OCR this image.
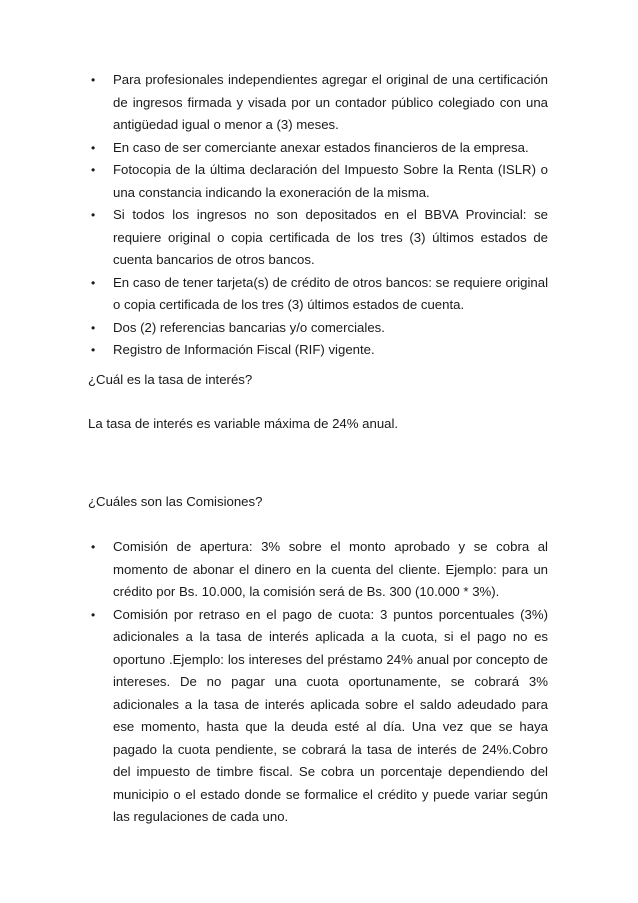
• Para profesionales independientes agregar el original de una certificación de ingresos firmada y visada por un contador público colegiado con una antigüedad igual o menor a (3) meses.
• En caso de ser comerciante anexar estados financieros de la empresa.
• Fotocopia de la última declaración del Impuesto Sobre la Renta (ISLR) o una constancia indicando la exoneración de la misma.
• Si todos los ingresos no son depositados en el BBVA Provincial: se requiere original o copia certificada de los tres (3) últimos estados de cuenta bancarios de otros bancos.
• En caso de tener tarjeta(s) de crédito de otros bancos: se requiere original o copia certificada de los tres (3) últimos estados de cuenta.
• Dos (2) referencias bancarias y/o comerciales.
• Registro de Información Fiscal (RIF) vigente.

¿Cuál es la tasa de interés?

La tasa de interés es variable máxima de 24% anual.

¿Cuáles son las Comisiones?

• Comisión de apertura: 3% sobre el monto aprobado y se cobra al momento de abonar el dinero en la cuenta del cliente. Ejemplo: para un crédito por Bs. 10.000, la comisión será de Bs. 300 (10.000 * 3%).
• Comisión por retraso en el pago de cuota: 3 puntos porcentuales (3%) adicionales a la tasa de interés aplicada a la cuota, si el pago no es oportuno .Ejemplo: los intereses del préstamo 24% anual por concepto de intereses. De no pagar una cuota oportunamente, se cobrará 3% adicionales a la tasa de interés aplicada sobre el saldo adeudado para ese momento, hasta que la deuda esté al día. Una vez que se haya pagado la cuota pendiente, se cobrará la tasa de interés de 24%.Cobro del impuesto de timbre fiscal. Se cobra un porcentaje dependiendo del municipio o el estado donde se formalice el crédito y puede variar según las regulaciones de cada uno.
